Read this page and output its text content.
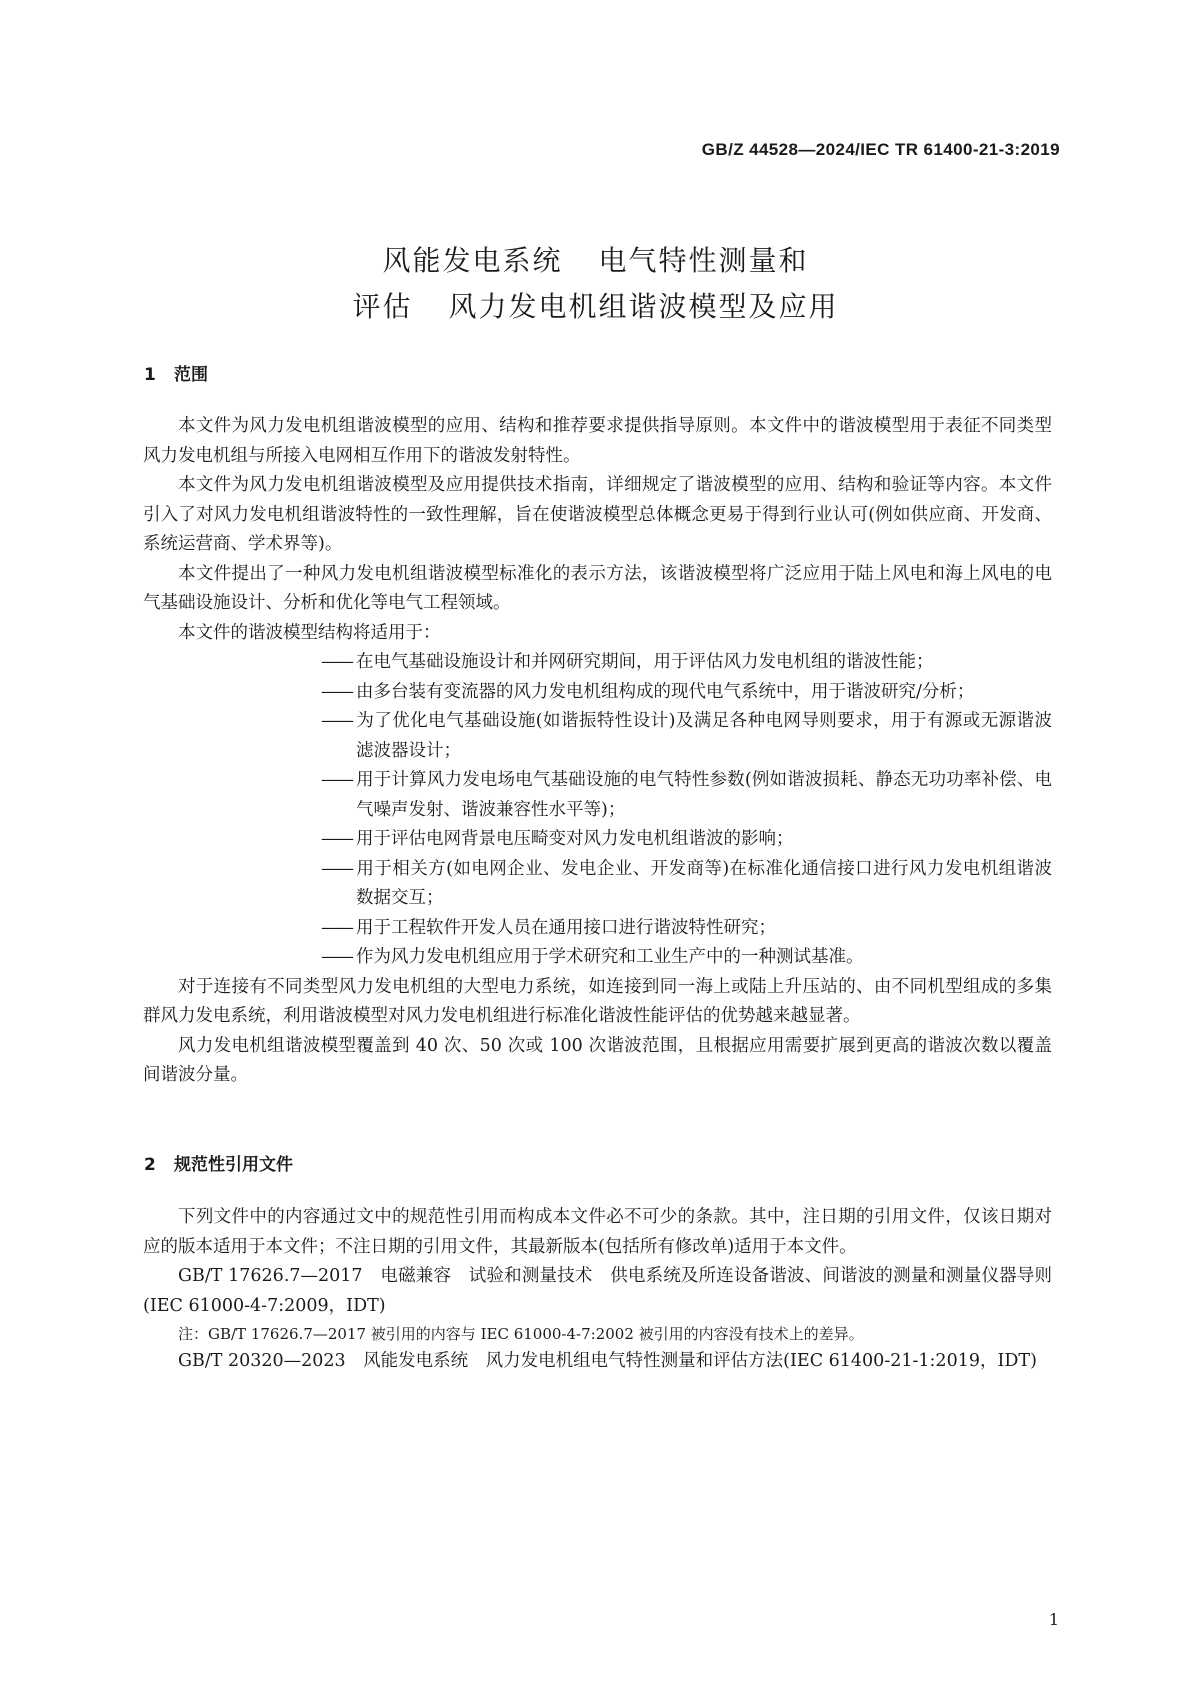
GB/Z 44528—2024/IEC TR 61400-21-3:2019
风能发电系统 电气特性测量和
评估 风力发电机组谐波模型及应用
1 范围

本文件为风力发电机组谐波模型的应用、结构和推荐要求提供指导原则。本文件中的谐波模型用于表征不同类型风力发电机组与所接入电网相互作用下的谐波发射特性。

本文件为风力发电机组谐波模型及应用提供技术指南，详细规定了谐波模型的应用、结构和验证等内容。本文件引入了对风力发电机组谐波特性的一致性理解，旨在使谐波模型总体概念更易于得到行业认可(例如供应商、开发商、系统运营商、学术界等)。

本文件提出了一种风力发电机组谐波模型标准化的表示方法，该谐波模型将广泛应用于陆上风电和海上风电的电气基础设施设计、分析和优化等电气工程领域。

本文件的谐波模型结构将适用于：

—— 在电气基础设施设计和并网研究期间，用于评估风力发电机组的谐波性能；

—— 由多台装有变流器的风力发电机组构成的现代电气系统中，用于谐波研究/分析；

—— 为了优化电气基础设施(如谐振特性设计)及满足各种电网导则要求，用于有源或无源谐波滤波器设计；

—— 用于计算风力发电场电气基础设施的电气特性参数(例如谐波损耗、静态无功功率补偿、电气噪声发射、谐波兼容性水平等)；

—— 用于评估电网背景电压畸变对风力发电机组谐波的影响；

—— 用于相关方(如电网企业、发电企业、开发商等)在标准化通信接口进行风力发电机组谐波数据交互；

—— 用于工程软件开发人员在通用接口进行谐波特性研究；

—— 作为风力发电机组应用于学术研究和工业生产中的一种测试基准。

对于连接有不同类型风力发电机组的大型电力系统，如连接到同一海上或陆上升压站的、由不同机型组成的多集群风力发电系统，利用谐波模型对风力发电机组进行标准化谐波性能评估的优势越来越显著。

风力发电机组谐波模型覆盖到 40 次、50 次或 100 次谐波范围，且根据应用需要扩展到更高的谐波次数以覆盖间谐波分量。

2 规范性引用文件

下列文件中的内容通过文中的规范性引用而构成本文件必不可少的条款。其中，注日期的引用文件，仅该日期对应的版本适用于本文件；不注日期的引用文件，其最新版本(包括所有修改单)适用于本文件。

GB/T 17626.7—2017　电磁兼容　试验和测量技术　供电系统及所连设备谐波、间谐波的测量和测量仪器导则(IEC 61000-4-7:2009，IDT)

注：GB/T 17626.7—2017 被引用的内容与 IEC 61000-4-7:2002 被引用的内容没有技术上的差异。

GB/T 20320—2023　风能发电系统　风力发电机组电气特性测量和评估方法(IEC 61400-21-1:2019，IDT)

1
